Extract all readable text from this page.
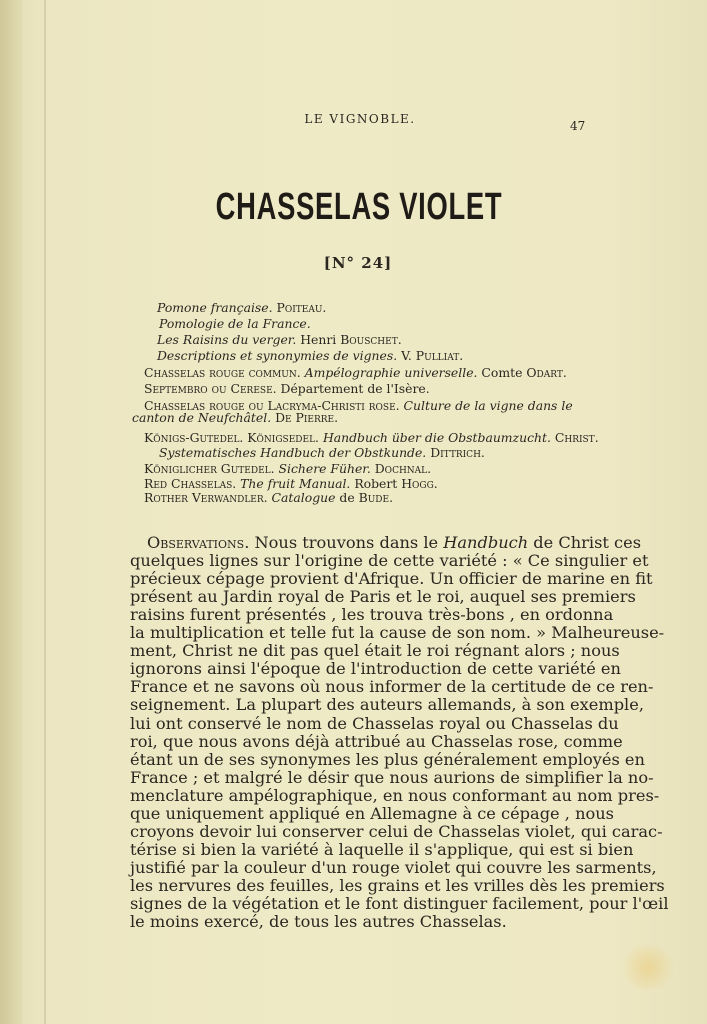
LE VIGNOBLE.	47
CHASSELAS VIOLET
[N° 24]
Pomone française. Poiteau.
Pomologie de la France.
Les Raisins du verger. Henri Bouschet.
Descriptions et synonymies de vignes. V. Pulliat.
Chasselas rouge commun. Ampélographie universelle. Comte Odart.
Septembro ou Cerese. Département de l'Isère.
Chasselas rouge ou Lacryma-Christi rose. Culture de la vigne dans le
canton de Neufchâtel. De Pierre.
Königs-Gutedel. Königsedel. Handbuch über die Obstbaumzucht. Christ.
Systematisches Handbuch der Obstkunde. Dittrich.
Königlicher Gutedel. Sichere Füher. Dochnal.
Red Chasselas. The fruit Manual. Robert Hogg.
Rother Verwandler. Catalogue de Bude.
Observations. Nous trouvons dans le Handbuch de Christ ces
quelques lignes sur l'origine de cette variété : « Ce singulier et
précieux cépage provient d'Afrique. Un officier de marine en fit
présent au Jardin royal de Paris et le roi, auquel ses premiers
raisins furent présentés , les trouva très-bons , en ordonna
la multiplication et telle fut la cause de son nom. » Malheureuse-
ment, Christ ne dit pas quel était le roi régnant alors ; nous
ignorons ainsi l'époque de l'introduction de cette variété en
France et ne savons où nous informer de la certitude de ce ren-
seignement. La plupart des auteurs allemands, à son exemple,
lui ont conservé le nom de Chasselas royal ou Chasselas du
roi, que nous avons déjà attribué au Chasselas rose, comme
étant un de ses synonymes les plus généralement employés en
France ; et malgré le désir que nous aurions de simplifier la no-
menclature ampélographique, en nous conformant au nom pres-
que uniquement appliqué en Allemagne à ce cépage , nous
croyons devoir lui conserver celui de Chasselas violet, qui carac-
térise si bien la variété à laquelle il s'applique, qui est si bien
justifié par la couleur d'un rouge violet qui couvre les sarments,
les nervures des feuilles, les grains et les vrilles dès les premiers
signes de la végétation et le font distinguer facilement, pour l'œil
le moins exercé, de tous les autres Chasselas.
